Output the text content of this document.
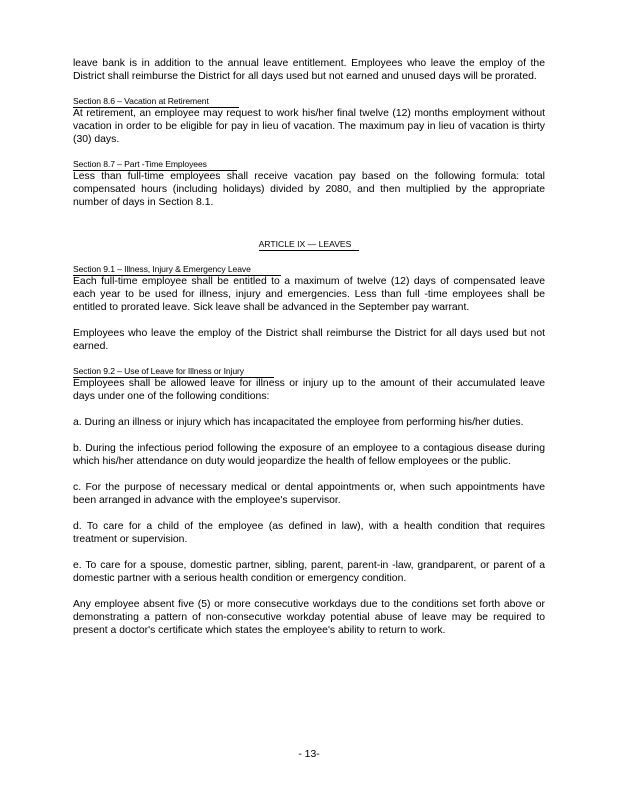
leave bank is in addition to the annual leave entitlement. Employees who leave the employ of the District shall reimburse the District for all days used but not earned and unused days will be prorated.

Section 8.6 – Vacation at Retirement

At retirement, an employee may request to work his/her final twelve (12) months employment without vacation in order to be eligible for pay in lieu of vacation. The maximum pay in lieu of vacation is thirty (30) days.

Section 8.7 – Part -Time Employees

Less than full-time employees shall receive vacation pay based on the following formula: total compensated hours (including holidays) divided by 2080, and then multiplied by the appropriate number of days in Section 8.1.

ARTICLE IX — LEAVES

Section 9.1 – Illness, Injury & Emergency Leave

Each full-time employee shall be entitled to a maximum of twelve (12) days of compensated leave each year to be used for illness, injury and emergencies. Less than full -time employees shall be entitled to prorated leave. Sick leave shall be advanced in the September pay warrant.

Employees who leave the employ of the District shall reimburse the District for all days used but not earned.

Section 9.2 – Use of Leave for Illness or Injury

Employees shall be allowed leave for illness or injury up to the amount of their accumulated leave days under one of the following conditions:

a. During an illness or injury which has incapacitated the employee from performing his/her duties.

b. During the infectious period following the exposure of an employee to a contagious disease during which his/her attendance on duty would jeopardize the health of fellow employees or the public.

c. For the purpose of necessary medical or dental appointments or, when such appointments have been arranged in advance with the employee's supervisor.

d. To care for a child of the employee (as defined in law), with a health condition that requires treatment or supervision.

e. To care for a spouse, domestic partner, sibling, parent, parent-in -law, grandparent, or parent of a domestic partner with a serious health condition or emergency condition.

Any employee absent five (5) or more consecutive workdays due to the conditions set forth above or demonstrating a pattern of non-consecutive workday potential abuse of leave may be required to present a doctor's certificate which states the employee's ability to return to work.

- 13-
